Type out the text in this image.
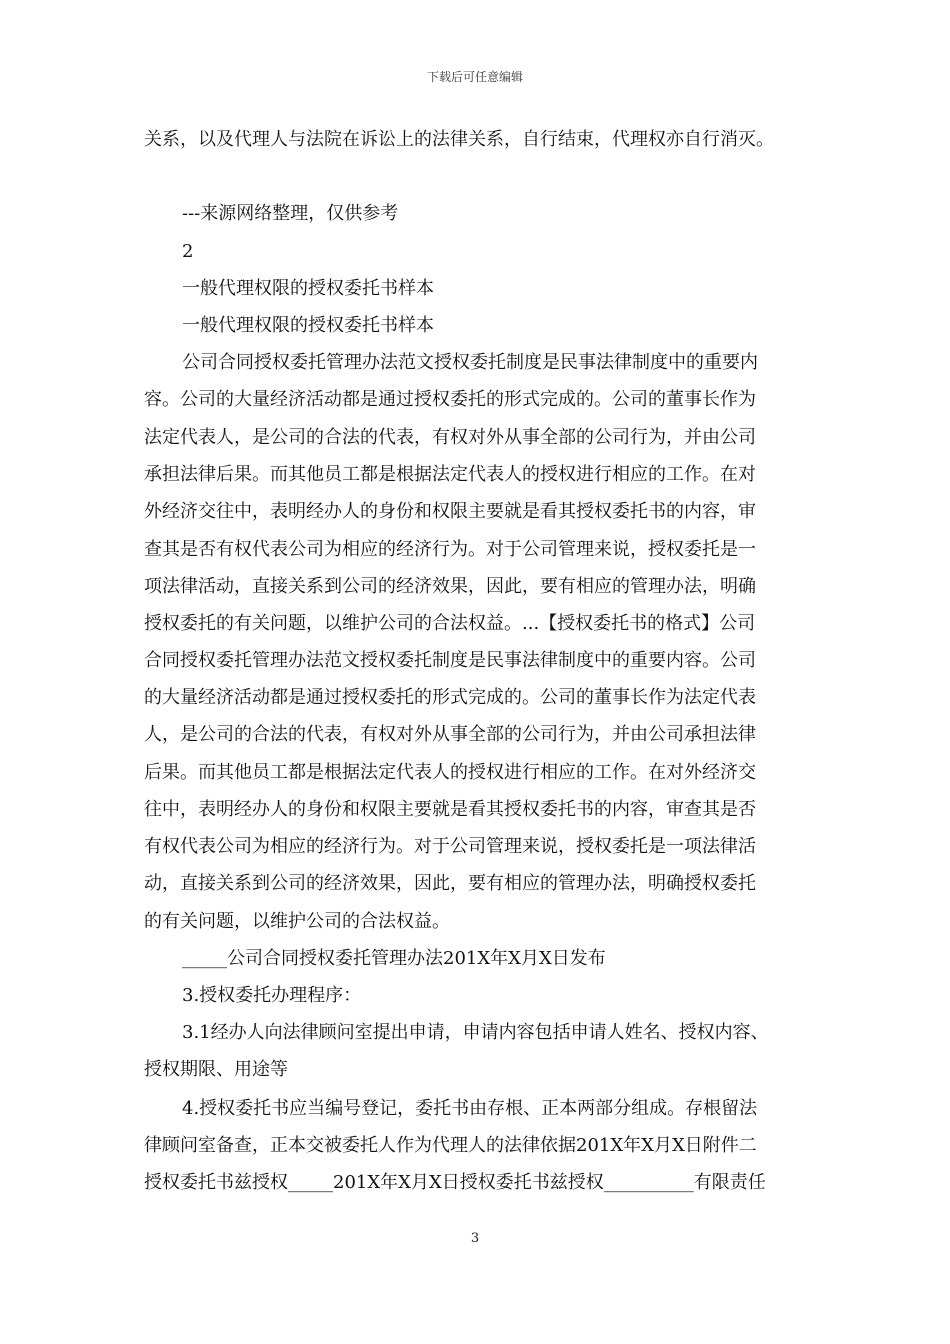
下载后可任意编辑
关系，以及代理人与法院在诉讼上的法律关系，自行结束，代理权亦自行消灭。
---来源网络整理，仅供参考
2
一般代理权限的授权委托书样本
一般代理权限的授权委托书样本
公司合同授权委托管理办法范文授权委托制度是民事法律制度中的重要内
容。公司的大量经济活动都是通过授权委托的形式完成的。公司的董事长作为
法定代表人，是公司的合法的代表，有权对外从事全部的公司行为，并由公司
承担法律后果。而其他员工都是根据法定代表人的授权进行相应的工作。在对
外经济交往中，表明经办人的身份和权限主要就是看其授权委托书的内容，审
查其是否有权代表公司为相应的经济行为。对于公司管理来说，授权委托是一
项法律活动，直接关系到公司的经济效果，因此，要有相应的管理办法，明确
授权委托的有关问题，以维护公司的合法权益。...【授权委托书的格式】公司
合同授权委托管理办法范文授权委托制度是民事法律制度中的重要内容。公司
的大量经济活动都是通过授权委托的形式完成的。公司的董事长作为法定代表
人，是公司的合法的代表，有权对外从事全部的公司行为，并由公司承担法律
后果。而其他员工都是根据法定代表人的授权进行相应的工作。在对外经济交
往中，表明经办人的身份和权限主要就是看其授权委托书的内容，审查其是否
有权代表公司为相应的经济行为。对于公司管理来说，授权委托是一项法律活
动，直接关系到公司的经济效果，因此，要有相应的管理办法，明确授权委托
的有关问题，以维护公司的合法权益。
_____公司合同授权委托管理办法201X年X月X日发布
3.授权委托办理程序：
3.1经办人向法律顾问室提出申请，申请内容包括申请人姓名、授权内容、
授权期限、用途等
4.授权委托书应当编号登记，委托书由存根、正本两部分组成。存根留法
律顾问室备查，正本交被委托人作为代理人的法律依据201X年X月X日附件二
授权委托书兹授权_____201X年X月X日授权委托书兹授权__________有限责任
3
